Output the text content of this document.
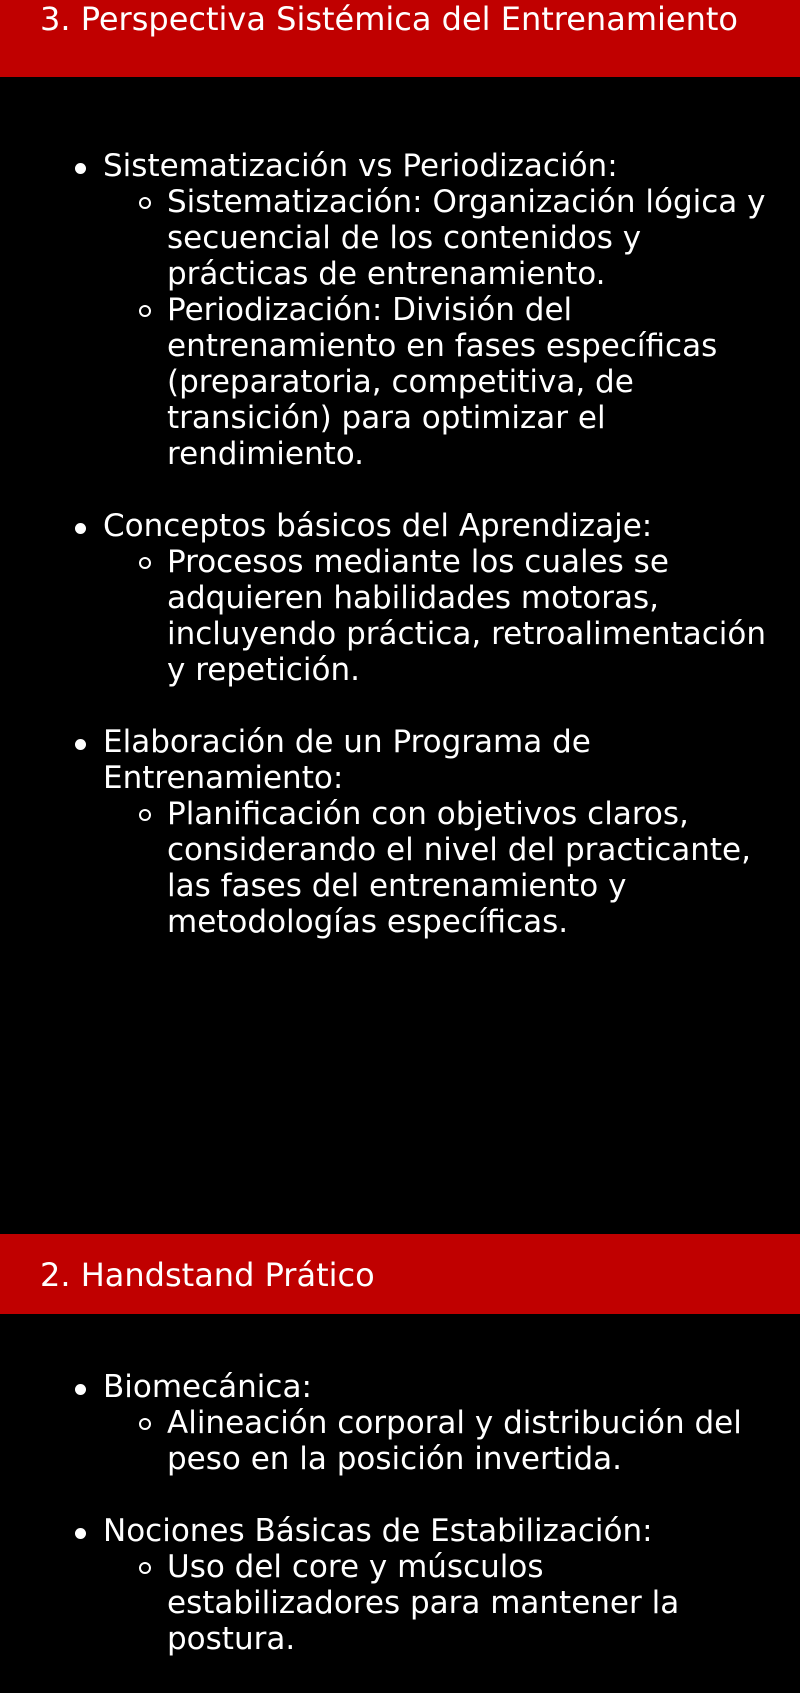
3. Perspectiva Sistémica del Entrenamiento
Sistematización vs Periodización:
Sistematización: Organización lógica y secuencial de los contenidos y prácticas de entrenamiento.
Periodización: División del entrenamiento en fases específicas (preparatoria, competitiva, de transición) para optimizar el rendimiento.
Conceptos básicos del Aprendizaje:
Procesos mediante los cuales se adquieren habilidades motoras, incluyendo práctica, retroalimentación y repetición.
Elaboración de un Programa de Entrenamiento:
Planificación con objetivos claros, considerando el nivel del practicante, las fases del entrenamiento y metodologías específicas.
2. Handstand Prático
Biomecánica:
Alineación corporal y distribución del peso en la posición invertida.
Nociones Básicas de Estabilización:
Uso del core y músculos estabilizadores para mantener la postura.
